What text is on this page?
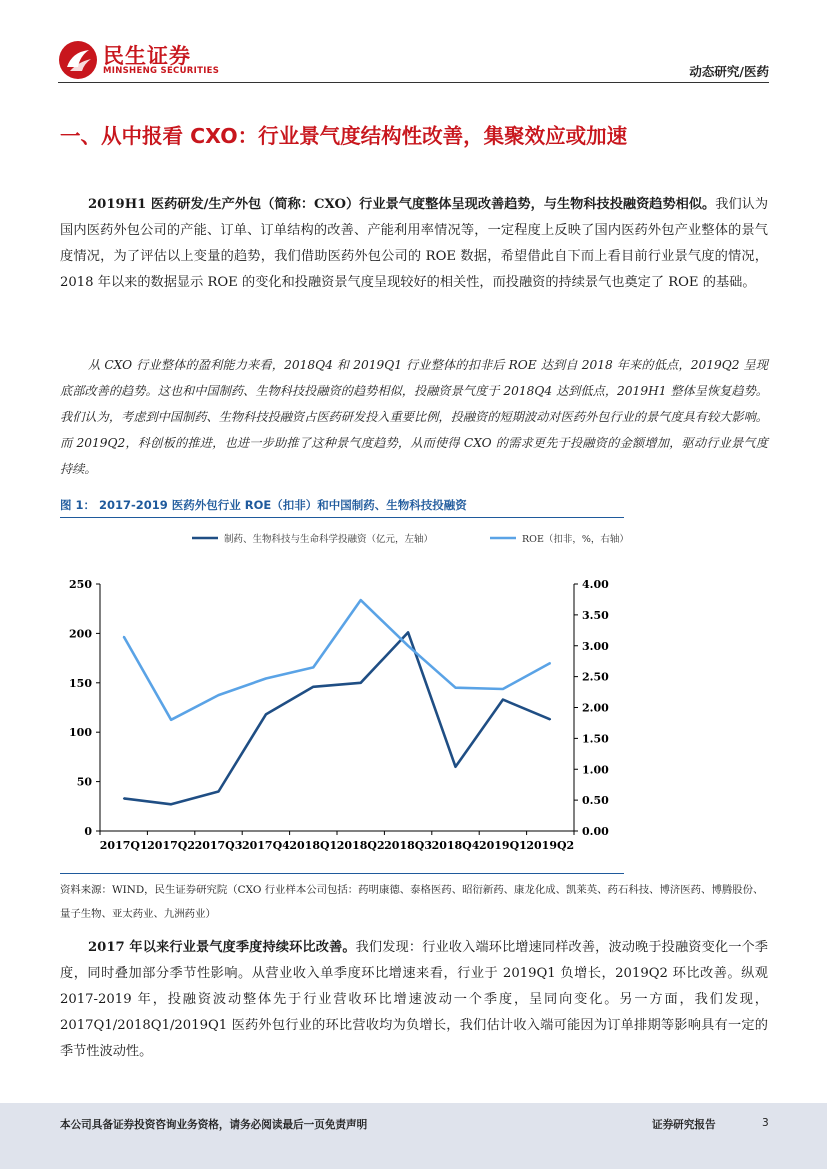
民生证券
MINSHENG SECURITIES	动态研究/医药
一、从中报看 CXO：行业景气度结构性改善，集聚效应或加速

2019H1 医药研发/生产外包（简称：CXO）行业景气度整体呈现改善趋势，与生物科技投融资趋势相似。我们认为国内医药外包公司的产能、订单、订单结构的改善、产能利用率情况等，一定程度上反映了国内医药外包产业整体的景气度情况，为了评估以上变量的趋势，我们借助医药外包公司的 ROE 数据，希望借此自下而上看目前行业景气度的情况，2018 年以来的数据显示 ROE 的变化和投融资景气度呈现较好的相关性，而投融资的持续景气也奠定了 ROE 的基础。

从 CXO 行业整体的盈利能力来看，2018Q4 和 2019Q1 行业整体的扣非后 ROE 达到自 2018 年来的低点，2019Q2 呈现底部改善的趋势。这也和中国制药、生物科技投融资的趋势相似，投融资景气度于 2018Q4 达到低点，2019H1 整体呈恢复趋势。我们认为，考虑到中国制药、生物科技投融资占医药研发投入重要比例，投融资的短期波动对医药外包行业的景气度具有较大影响。而 2019Q2，科创板的推进，也进一步助推了这种景气度趋势，从而使得 CXO 的需求更先于投融资的金额增加，驱动行业景气度持续。

图 1： 2017-2019 医药外包行业 ROE（扣非）和中国制药、生物科技投融资
0
50
100
150
200
250
0.00
0.50
1.00
1.50
2.00
2.50
3.00
3.50
4.00
2017Q1 2017Q2 2017Q3 2017Q4 2018Q1 2018Q2 2018Q3 2018Q4 2019Q1 2019Q2
制药、生物科技与生命科学投融资（亿元，左轴）	ROE（扣非，%，右轴）

资料来源：WIND，民生证券研究院（CXO 行业样本公司包括：药明康德、泰格医药、昭衍新药、康龙化成、凯莱英、药石科技、博济医药、博腾股份、量子生物、亚太药业、九洲药业）

2017 年以来行业景气度季度持续环比改善。我们发现：行业收入端环比增速同样改善，波动晚于投融资变化一个季度，同时叠加部分季节性影响。从营业收入单季度环比增速来看，行业于 2019Q1 负增长，2019Q2 环比改善。纵观 2017-2019 年，投融资波动整体先于行业营收环比增速波动一个季度，呈同向变化。另一方面，我们发现，2017Q1/2018Q1/2019Q1 医药外包行业的环比营收均为负增长，我们估计收入端可能因为订单排期等影响具有一定的季节性波动性。

本公司具备证券投资咨询业务资格，请务必阅读最后一页免责声明	证券研究报告	3
